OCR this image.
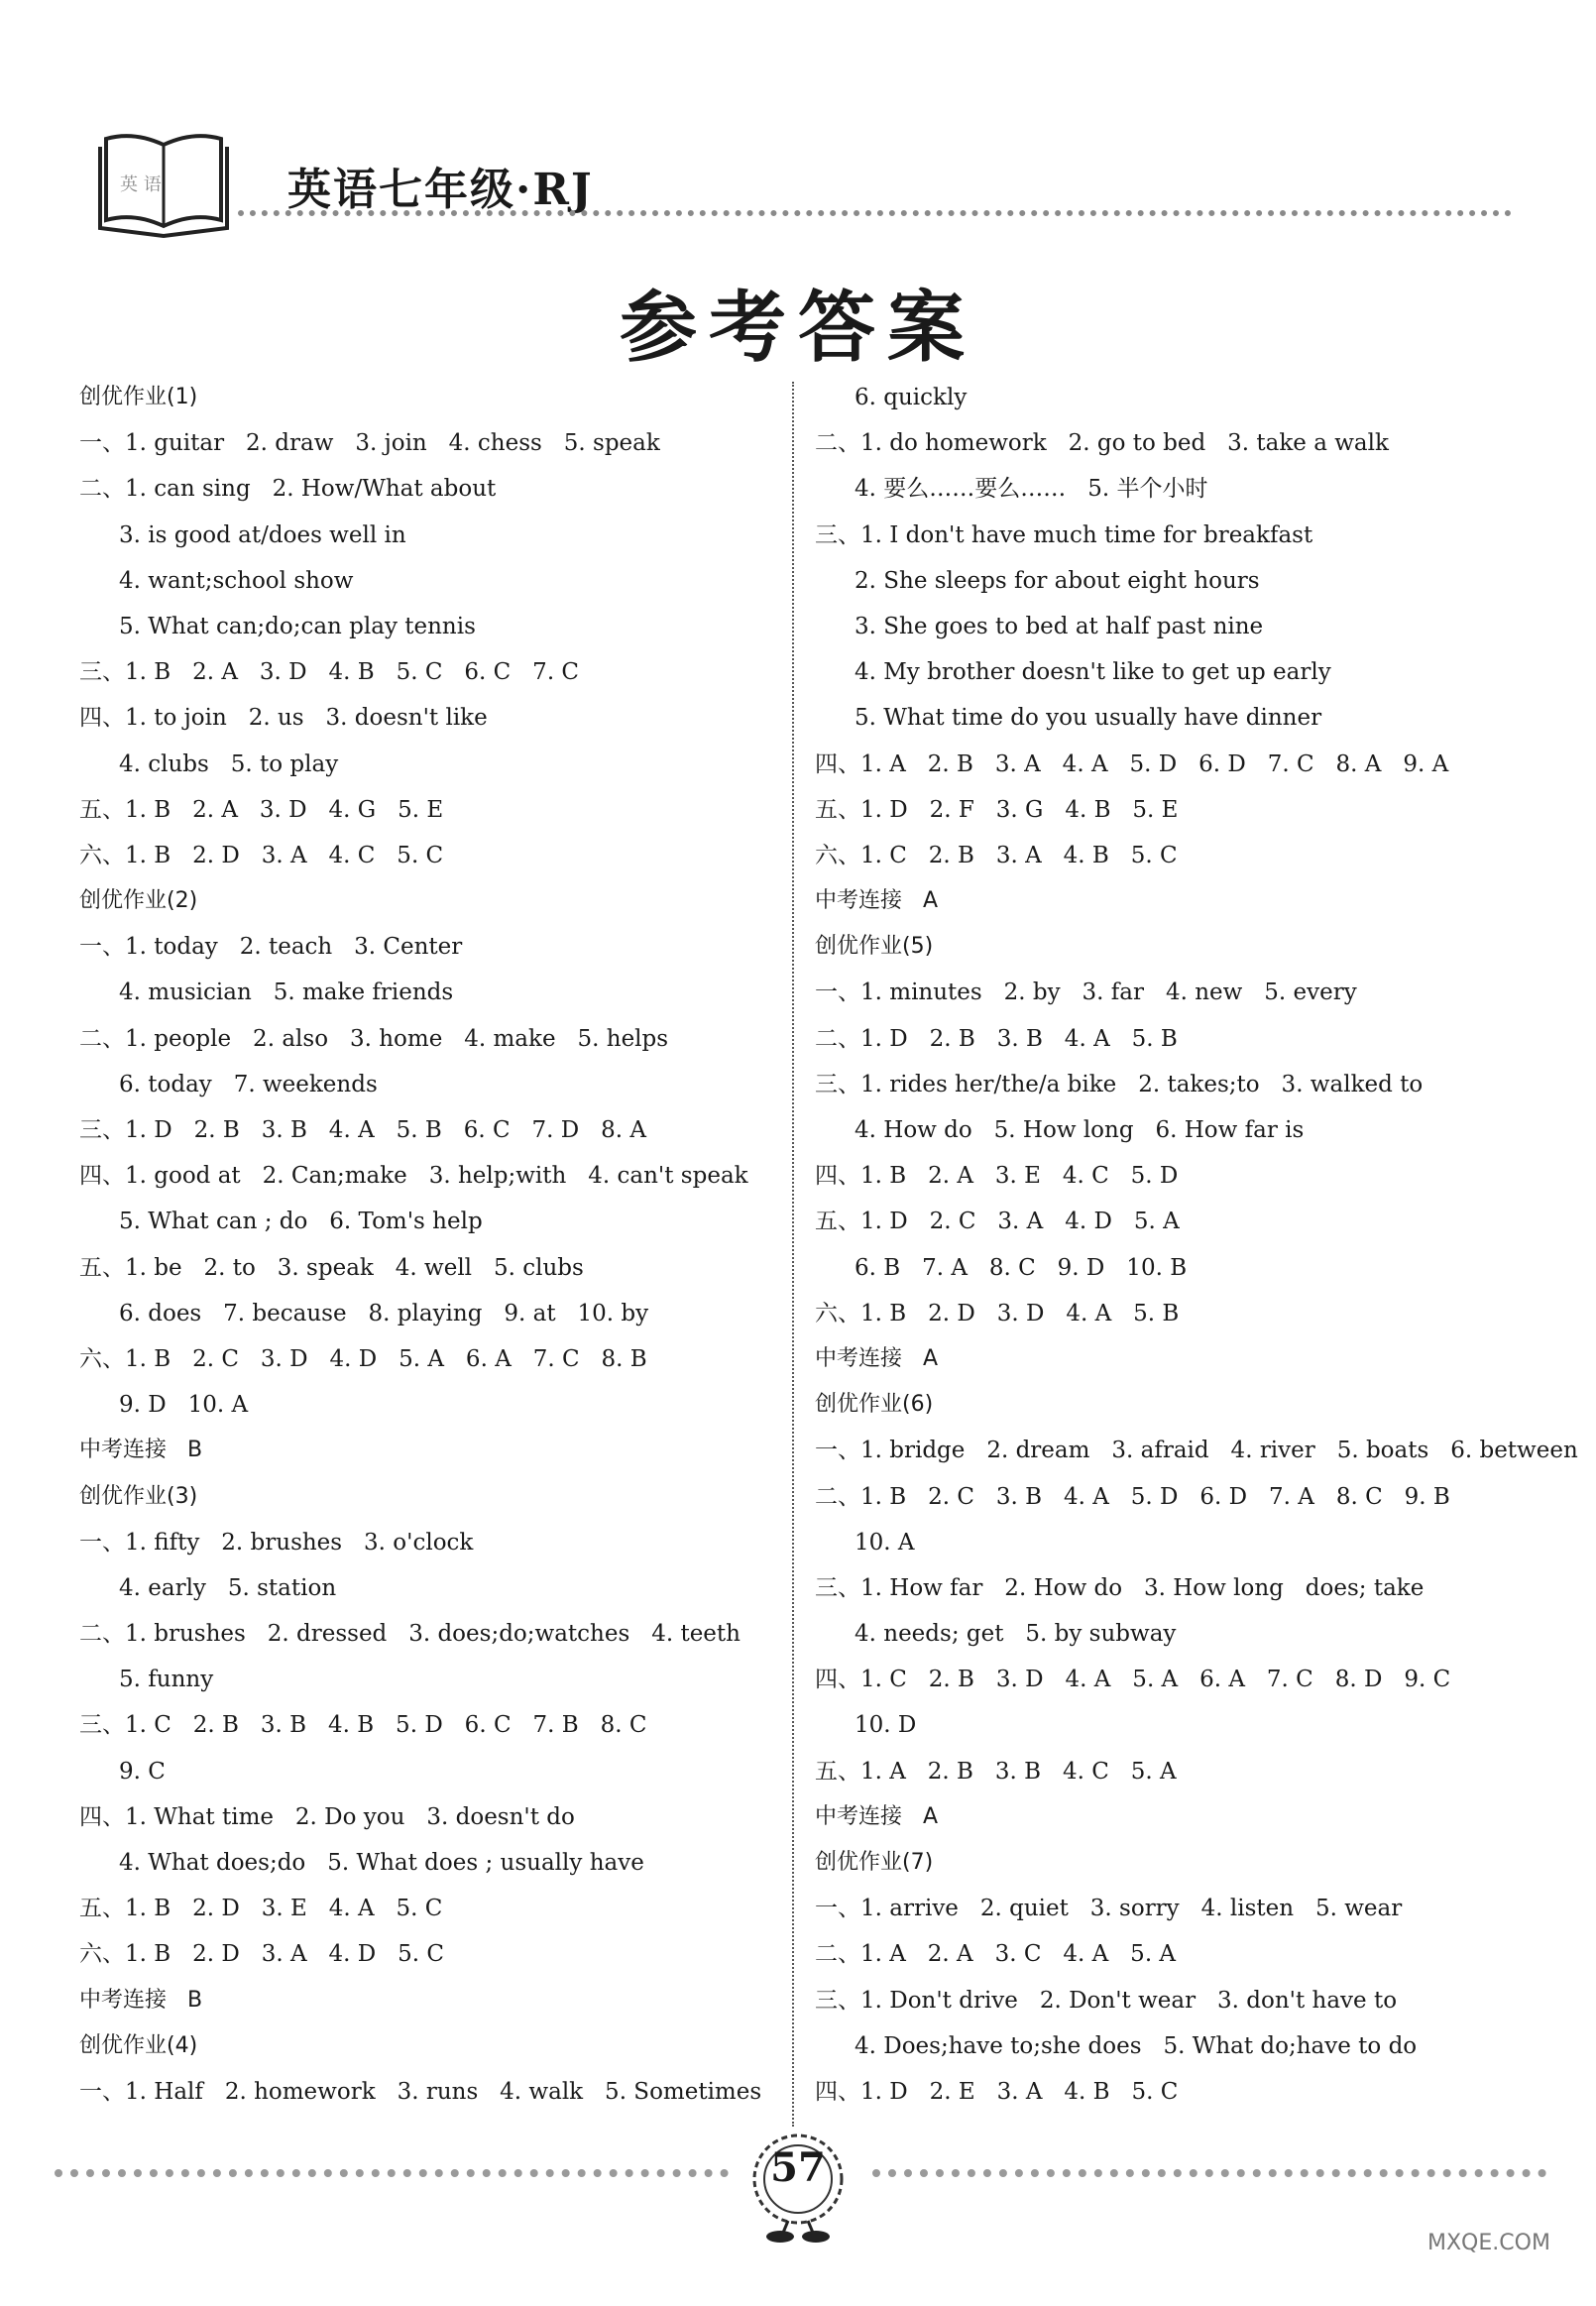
英 语	英语七年级·RJ
参考答案
创优作业(1)
一、1. guitar   2. draw   3. join   4. chess   5. speak
二、1. can sing   2. How/What about
3. is good at/does well in
4. want;school show
5. What can;do;can play tennis
三、1. B   2. A   3. D   4. B   5. C   6. C   7. C
四、1. to join   2. us   3. doesn't like
4. clubs   5. to play
五、1. B   2. A   3. D   4. G   5. E
六、1. B   2. D   3. A   4. C   5. C
创优作业(2)
一、1. today   2. teach   3. Center
4. musician   5. make friends
二、1. people   2. also   3. home   4. make   5. helps
6. today   7. weekends
三、1. D   2. B   3. B   4. A   5. B   6. C   7. D   8. A
四、1. good at   2. Can;make   3. help;with   4. can't speak
5. What can ; do   6. Tom's help
五、1. be   2. to   3. speak   4. well   5. clubs
6. does   7. because   8. playing   9. at   10. by
六、1. B   2. C   3. D   4. D   5. A   6. A   7. C   8. B
9. D   10. A
中考连接   B
创优作业(3)
一、1. fifty   2. brushes   3. o'clock
4. early   5. station
二、1. brushes   2. dressed   3. does;do;watches   4. teeth
5. funny
三、1. C   2. B   3. B   4. B   5. D   6. C   7. B   8. C
9. C
四、1. What time   2. Do you   3. doesn't do
4. What does;do   5. What does ; usually have
五、1. B   2. D   3. E   4. A   5. C
六、1. B   2. D   3. A   4. D   5. C
中考连接   B
创优作业(4)
一、1. Half   2. homework   3. runs   4. walk   5. Sometimes
6. quickly
二、1. do homework   2. go to bed   3. take a walk
4. 要么……要么……   5. 半个小时
三、1. I don't have much time for breakfast
2. She sleeps for about eight hours
3. She goes to bed at half past nine
4. My brother doesn't like to get up early
5. What time do you usually have dinner
四、1. A   2. B   3. A   4. A   5. D   6. D   7. C   8. A   9. A
五、1. D   2. F   3. G   4. B   5. E
六、1. C   2. B   3. A   4. B   5. C
中考连接   A
创优作业(5)
一、1. minutes   2. by   3. far   4. new   5. every
二、1. D   2. B   3. B   4. A   5. B
三、1. rides her/the/a bike   2. takes;to   3. walked to
4. How do   5. How long   6. How far is
四、1. B   2. A   3. E   4. C   5. D
五、1. D   2. C   3. A   4. D   5. A
6. B   7. A   8. C   9. D   10. B
六、1. B   2. D   3. D   4. A   5. B
中考连接   A
创优作业(6)
一、1. bridge   2. dream   3. afraid   4. river   5. boats   6. between
二、1. B   2. C   3. B   4. A   5. D   6. D   7. A   8. C   9. B
10. A
三、1. How far   2. How do   3. How long   does; take
4. needs; get   5. by subway
四、1. C   2. B   3. D   4. A   5. A   6. A   7. C   8. D   9. C
10. D
五、1. A   2. B   3. B   4. C   5. A
中考连接   A
创优作业(7)
一、1. arrive   2. quiet   3. sorry   4. listen   5. wear
二、1. A   2. A   3. C   4. A   5. A
三、1. Don't drive   2. Don't wear   3. don't have to
4. Does;have to;she does   5. What do;have to do
四、1. D   2. E   3. A   4. B   5. C
57
MXQE.COM
